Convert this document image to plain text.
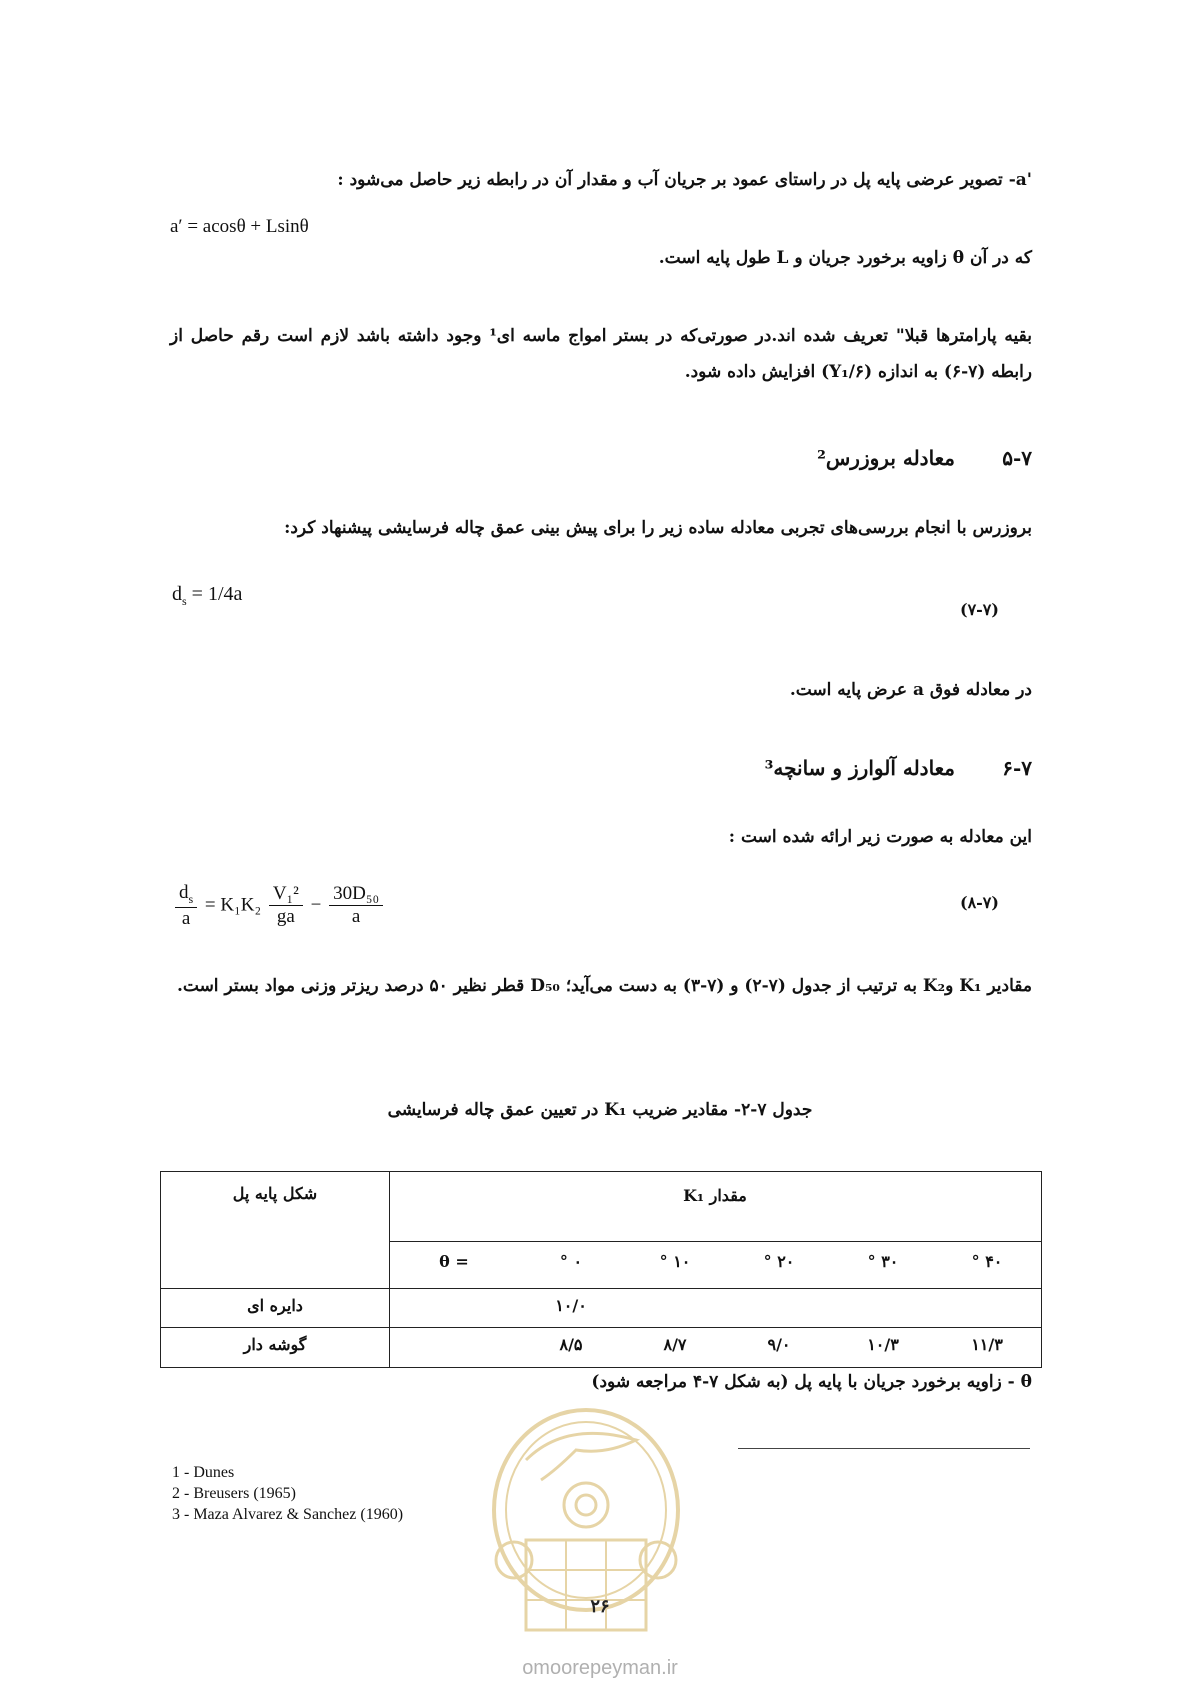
'a- تصویر عرضی پایه پل در راستای عمود بر جریان آب و مقدار آن در رابطه زیر حاصل می‌شود :
a′ = acosθ + Lsinθ
که در آن θ زاویه برخورد جریان و L طول پایه است.
بقیه پارامترها قبلا" تعریف شده اند.در صورتی‌که در بستر امواج ماسه ای¹ وجود داشته باشد لازم است رقم حاصل از رابطه (۷-۶) به اندازه (Y₁/۶) افزایش داده شود.
۵-۷ معادله بروزرس²
بروزرس با انجام بررسی‌های تجربی معادله ساده زیر را برای پیش بینی عمق چاله فرسایشی پیشنهاد کرد:
$d_s = 1/4a$
(۷-۷)
در معادله فوق a عرض پایه است.
۶-۷ معادله آلوارز و سانچه³
این معادله به صورت زیر ارائه شده است :
$\frac{d_s}{a} = K_1K_2 \frac{\text{V₁²}}{ga} - \frac{\text{30D₅₀}}{a}$	(۸-۷)
مقادیر K₁ وK₂ به ترتیب از جدول (۷-۲) و (۷-۳) به دست می‌آید؛ D₅₀ قطر نظیر ۵۰ درصد ریزتر وزنی مواد بستر است.
جدول ۷-۲- مقادیر ضریب K₁ در تعیین عمق چاله فرسایشی
شکل پایه پل	مقدار K₁
θ =	۰ °	۱۰ °	۲۰ °	۳۰ °	۴۰ °
دایره ای	۱۰/۰
گوشه دار	۸/۵	۸/۷	۹/۰	۱۰/۳	۱۱/۳
θ - زاویه برخورد جریان با پایه پل (به شکل ۷-۴ مراجعه شود)
1 - Dunes
2 - Breusers (1965)
3 - Maza Alvarez & Sanchez (1960)
۲۶
omoorepeyman.ir
